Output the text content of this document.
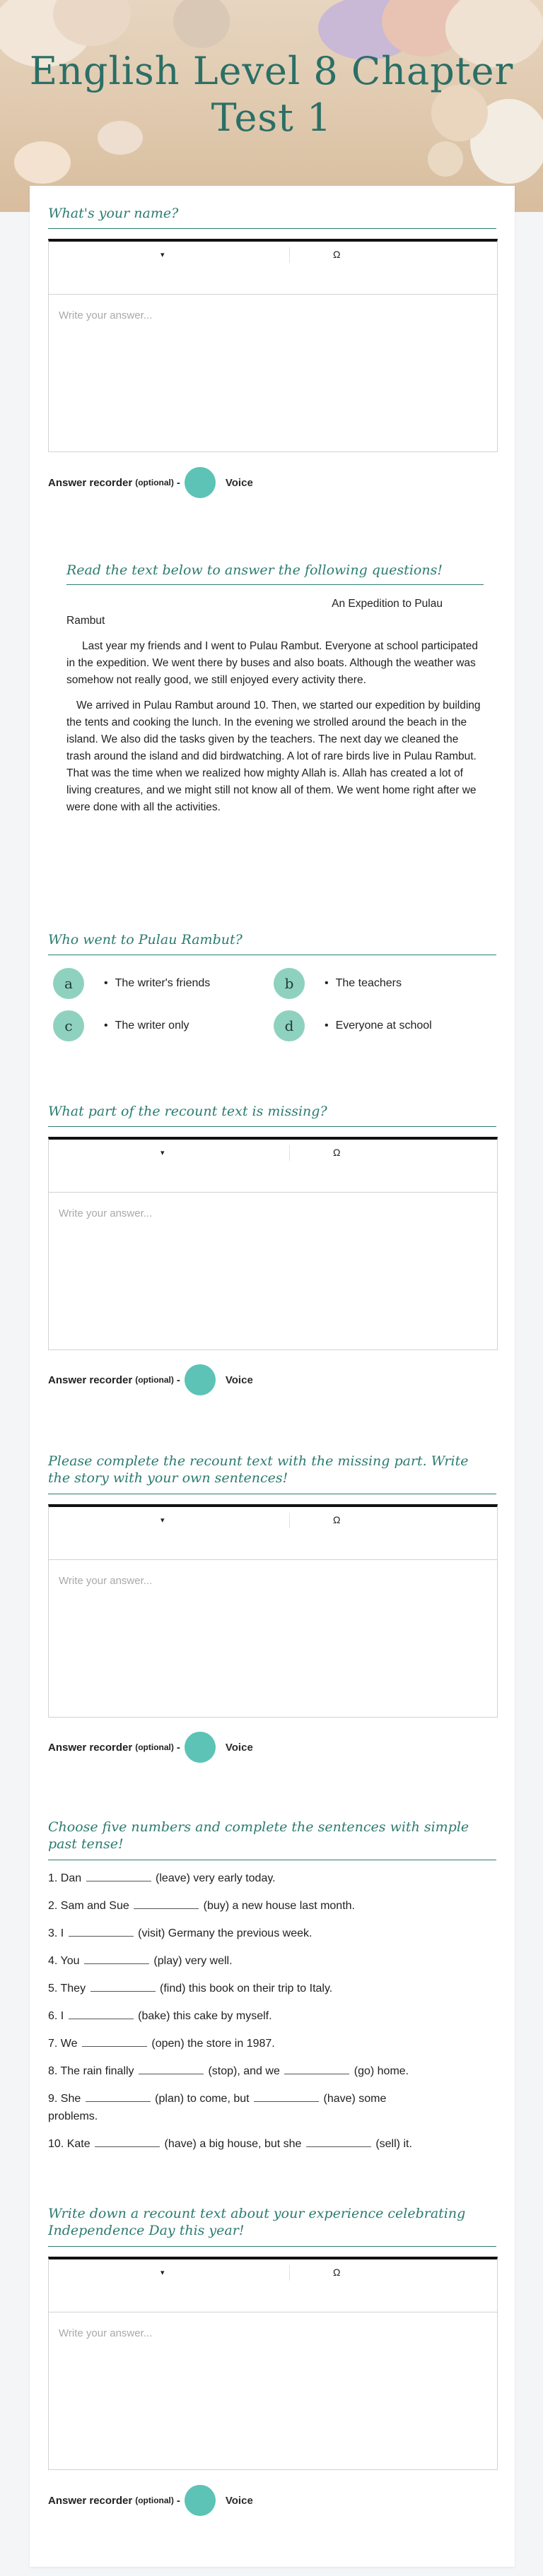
English Level 8 Chapter
Test 1
What's your name?
▾	Ω
Write your answer...
Answer recorder (optional) -	Voice
Read the text below to answer the following questions!

An Expedition to Pulau

Rambut

Last year my friends and I went to Pulau Rambut. Everyone at school participated in the expedition. We went there by buses and also boats. Although the weather was somehow not really good, we still enjoyed every activity there.

We arrived in Pulau Rambut around 10. Then, we started our expedition by building the tents and cooking the lunch. In the evening we strolled around the beach in the island. We also did the tasks given by the teachers. The next day we cleaned the trash around the island and did birdwatching. A lot of rare birds live in Pulau Rambut. That was the time when we realized how mighty Allah is. Allah has created a lot of living creatures, and we might still not know all of them. We went home right after we were done with all the activities.

Who went to Pulau Rambut?
a	• The writer's friends	b	• The teachers
c	• The writer only	d	• Everyone at school
What part of the recount text is missing?
▾	Ω
Write your answer...
Answer recorder (optional) -	Voice
Please complete the recount text with the missing part. Write
the story with your own sentences!
▾	Ω
Write your answer...
Answer recorder (optional) -	Voice
Choose five numbers and complete the sentences with simple
past tense!
1. Dan	(leave) very early today.
2. Sam and Sue	(buy) a new house last month.
3. I	(visit) Germany the previous week.
4. You	(play) very well.
5. They	(find) this book on their trip to Italy.
6. I	(bake) this cake by myself.
7. We	(open) the store in 1987.
8. The rain finally	(stop), and we	(go) home.
9. She	(plan) to come, but	(have) some
problems.
10. Kate	(have) a big house, but she	(sell) it.
Write down a recount text about your experience celebrating
Independence Day this year!
▾	Ω
Write your answer...
Answer recorder (optional) -	Voice
